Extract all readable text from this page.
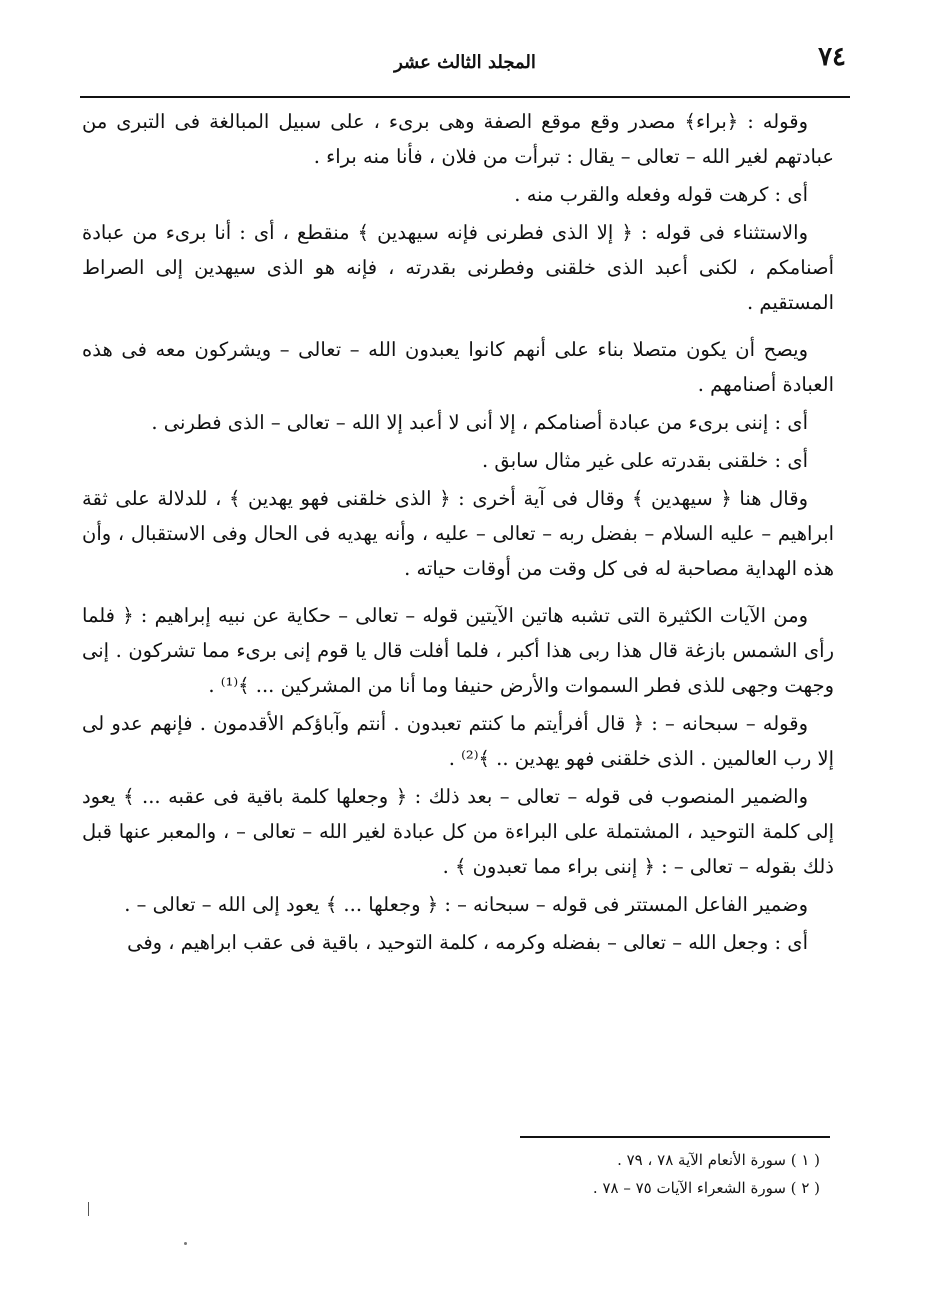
٧٤
المجلد الثالث عشر

وقوله : ﴿براء﴾ مصدر وقع موقع الصفة وهى برىء ، على سبيل المبالغة فى التبرى من عبادتهم لغير الله – تعالى – يقال : تبرأت من فلان ، فأنا منه براء .

أى : كرهت قوله وفعله والقرب منه .

والاستثناء فى قوله : ﴿ إلا الذى فطرنى فإنه سيهدين ﴾ منقطع ، أى : أنا برىء من عبادة أصنامكم ، لكنى أعبد الذى خلقنى وفطرنى بقدرته ، فإنه هو الذى سيهدين إلى الصراط المستقيم .

ويصح أن يكون متصلا بناء على أنهم كانوا يعبدون الله – تعالى – ويشركون معه فى هذه العبادة أصنامهم .

أى : إننى برىء من عبادة أصنامكم ، إلا أنى لا أعبد إلا الله – تعالى – الذى فطرنى .

أى : خلقنى بقدرته على غير مثال سابق .

وقال هنا ﴿ سيهدين ﴾ وقال فى آية أخرى : ﴿ الذى خلقنى فهو يهدين ﴾ ، للدلالة على ثقة ابراهيم – عليه السلام – بفضل ربه – تعالى – عليه ، وأنه يهديه فى الحال وفى الاستقبال ، وأن هذه الهداية مصاحبة له فى كل وقت من أوقات حياته .

ومن الآيات الكثيرة التى تشبه هاتين الآيتين قوله – تعالى – حكاية عن نبيه إبراهيم : ﴿ فلما رأى الشمس بازغة قال هذا ربى هذا أكبر ، فلما أفلت قال يا قوم إنى برىء مما تشركون . إنى وجهت وجهى للذى فطر السموات والأرض حنيفا وما أنا من المشركين ... ﴾⁽¹⁾ .

وقوله – سبحانه – : ﴿ قال أفرأيتم ما كنتم تعبدون . أنتم وآباؤكم الأقدمون . فإنهم عدو لى إلا رب العالمين . الذى خلقنى فهو يهدين .. ﴾⁽²⁾ .

والضمير المنصوب فى قوله – تعالى – بعد ذلك : ﴿ وجعلها كلمة باقية فى عقبه ... ﴾ يعود إلى كلمة التوحيد ، المشتملة على البراءة من كل عبادة لغير الله – تعالى – ، والمعبر عنها قبل ذلك بقوله – تعالى – : ﴿ إننى براء مما تعبدون ﴾ .

وضمير الفاعل المستتر فى قوله – سبحانه – : ﴿ وجعلها ... ﴾ يعود إلى الله – تعالى – .

أى : وجعل الله – تعالى – بفضله وكرمه ، كلمة التوحيد ، باقية فى عقب ابراهيم ، وفى

( ١ ) سورة الأنعام الآية ٧٨ ، ٧٩ .
( ٢ ) سورة الشعراء الآيات ٧٥ – ٧٨ .
